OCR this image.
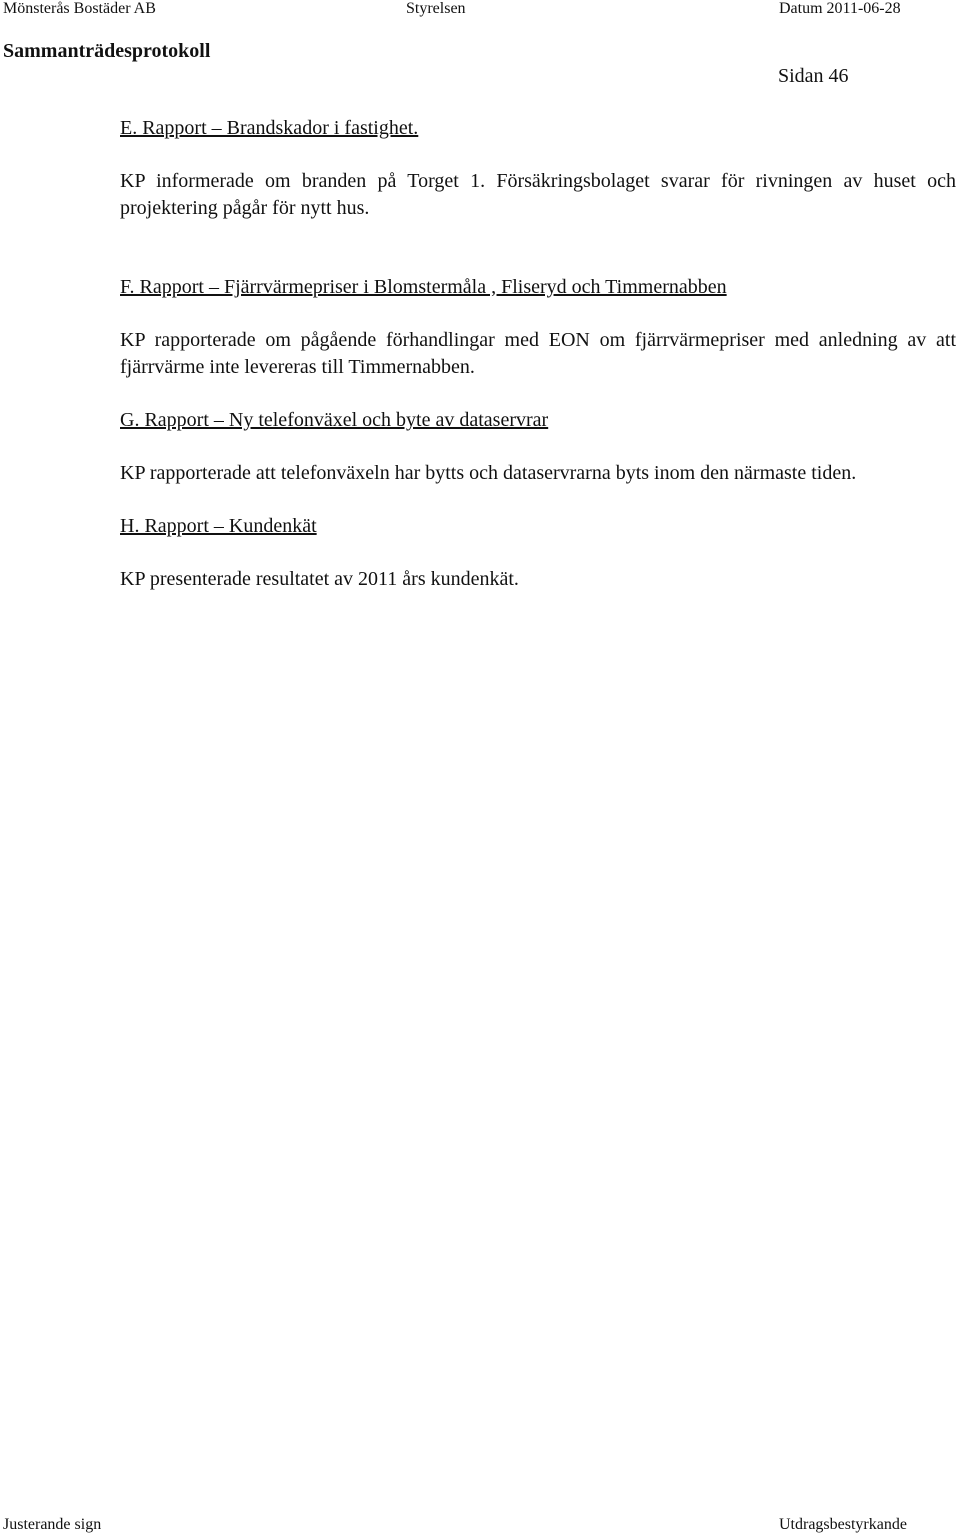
Mönsterås Bostäder AB	Styrelsen	Datum 2011-06-28
Sammanträdesprotokoll
Sidan 46
E. Rapport – Brandskador i fastighet.

KP informerade om branden på Torget 1. Försäkringsbolaget svarar för rivningen av huset och projektering pågår för nytt hus.

F. Rapport – Fjärrvärmepriser i Blomstermåla , Fliseryd och Timmernabben

KP rapporterade om pågående förhandlingar med EON om fjärrvärmepriser med anledning av att fjärrvärme inte levereras till Timmernabben.

G. Rapport – Ny telefonväxel och byte av dataservrar

KP rapporterade att telefonväxeln har bytts och dataservrarna byts inom den närmaste tiden.

H. Rapport – Kundenkät

KP presenterade resultatet av 2011 års kundenkät.

Justerande sign	Utdragsbestyrkande
